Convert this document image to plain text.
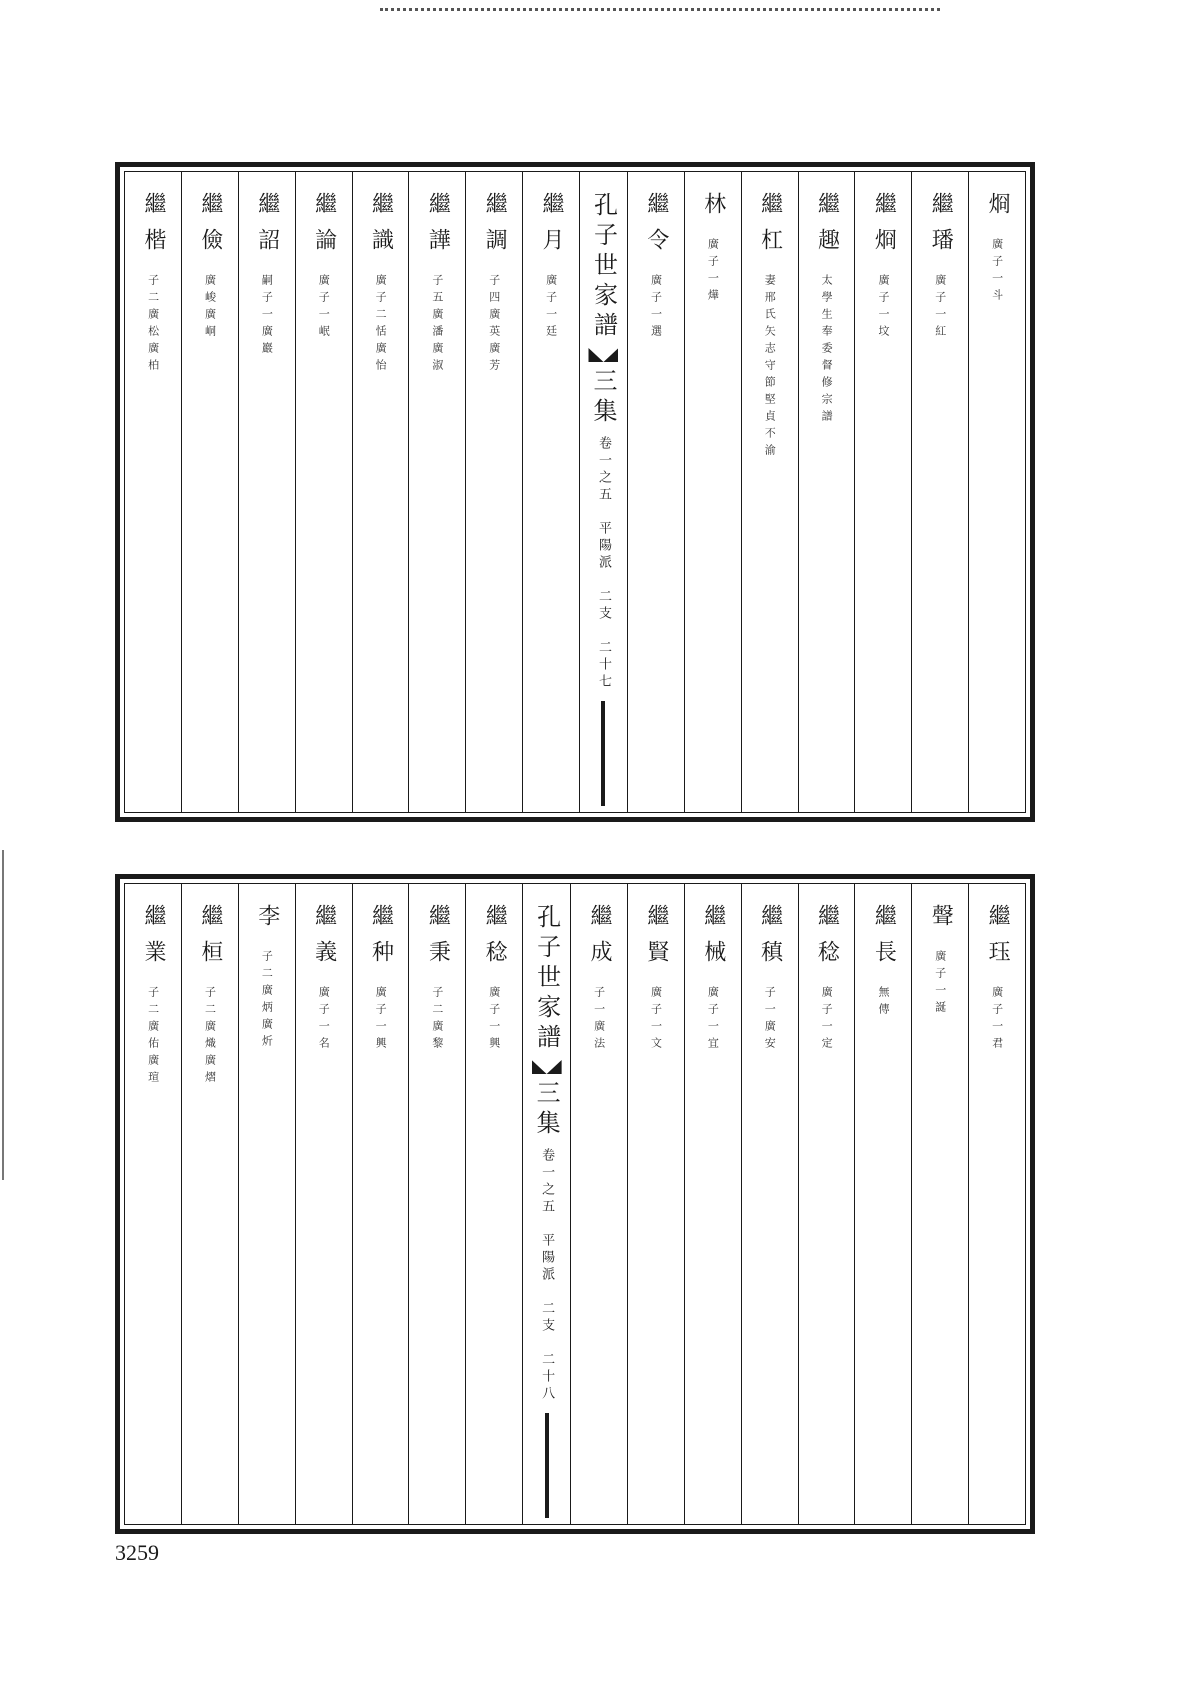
烱
廣子一斗
繼璠
廣子一紅
繼烱
廣子一坟
繼趣
太學生奉委督修宗譜
繼杠
妻邢氏矢志守節堅貞不渝
林
廣子一燁
繼令
廣子一選
孔子世家譜
三集
卷一之五　平陽派　二支　二十七
繼月
廣子一廷
繼調
子四廣英廣芳
繼譁
子五廣潘廣淑
繼識
廣子二恬廣怡
繼論
廣子一岷
繼詔
嗣子一廣巖
繼儉
廣峻廣峒
繼楷
子二廣松廣柏
繼珏
廣子一君
聲
廣子一誕
繼長
無傳
繼稔
廣子一定
繼稹
子一廣安
繼械
廣子一宜
繼賢
廣子一文
繼成
子一廣法
孔子世家譜
三集
卷一之五　平陽派　二支　二十八
繼稔
廣子一興
繼秉
子二廣黎
繼种
廣子一興
繼義
廣子一名
李
子二廣炳廣炘
繼桓
子二廣熾廣熠
繼業
子二廣佑廣瑄
3259
